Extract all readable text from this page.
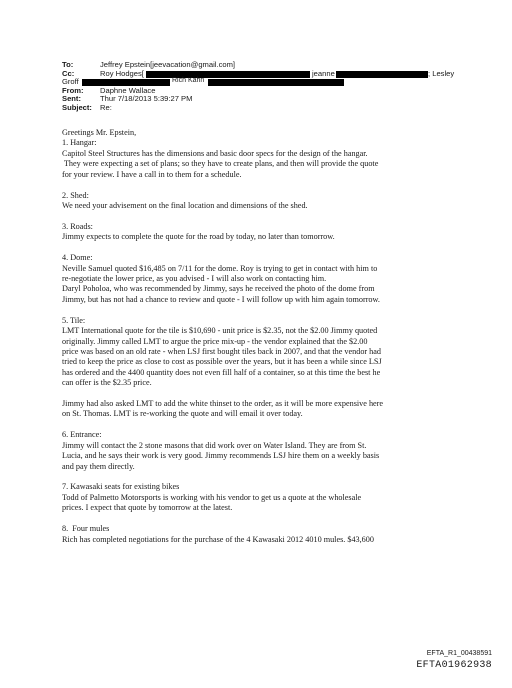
To:	Jeffrey Epstein[jeevacation@gmail.com]
Cc:	Roy Hodges[	jeanne	; Lesley
Groff	Rich Kahn
From: Daphne Wallace
Sent:	Thur 7/18/2013 5:39:27 PM
Subject: Re:
Greetings Mr. Epstein,
1. Hangar:
Capitol Steel Structures has the dimensions and basic door specs for the design of the hangar.
They were expecting a set of plans; so they have to create plans, and then will provide the quote
for your review. I have a call in to them for a schedule.
2. Shed:
We need your advisement on the final location and dimensions of the shed.
3. Roads:
Jimmy expects to complete the quote for the road by today, no later than tomorrow.
4. Dome:
Neville Samuel quoted $16,485 on 7/11 for the dome. Roy is trying to get in contact with him to
re-negotiate the lower price, as you advised - I will also work on contacting him.
Daryl Poholoa, who was recommended by Jimmy, says he received the photo of the dome from
Jimmy, but has not had a chance to review and quote - I will follow up with him again tomorrow.
5. Tile:
LMT International quote for the tile is $10,690 - unit price is $2.35, not the $2.00 Jimmy quoted
originally. Jimmy called LMT to argue the price mix-up - the vendor explained that the $2.00
price was based on an old rate - when LSJ first bought tiles back in 2007, and that the vendor had
tried to keep the price as close to cost as possible over the years, but it has been a while since LSJ
has ordered and the 4400 quantity does not even fill half of a container, so at this time the best he
can offer is the $2.35 price.
Jimmy had also asked LMT to add the white thinset to the order, as it will be more expensive here
on St. Thomas. LMT is re-working the quote and will email it over today.
6. Entrance:
Jimmy will contact the 2 stone masons that did work over on Water Island. They are from St.
Lucia, and he says their work is very good. Jimmy recommends LSJ hire them on a weekly basis
and pay them directly.
7. Kawasaki seats for existing bikes
Todd of Palmetto Motorsports is working with his vendor to get us a quote at the wholesale
prices. I expect that quote by tomorrow at the latest.
8.  Four mules
Rich has completed negotiations for the purchase of the 4 Kawasaki 2012 4010 mules. $43,600
EFTA_R1_00438591
EFTA01962938
